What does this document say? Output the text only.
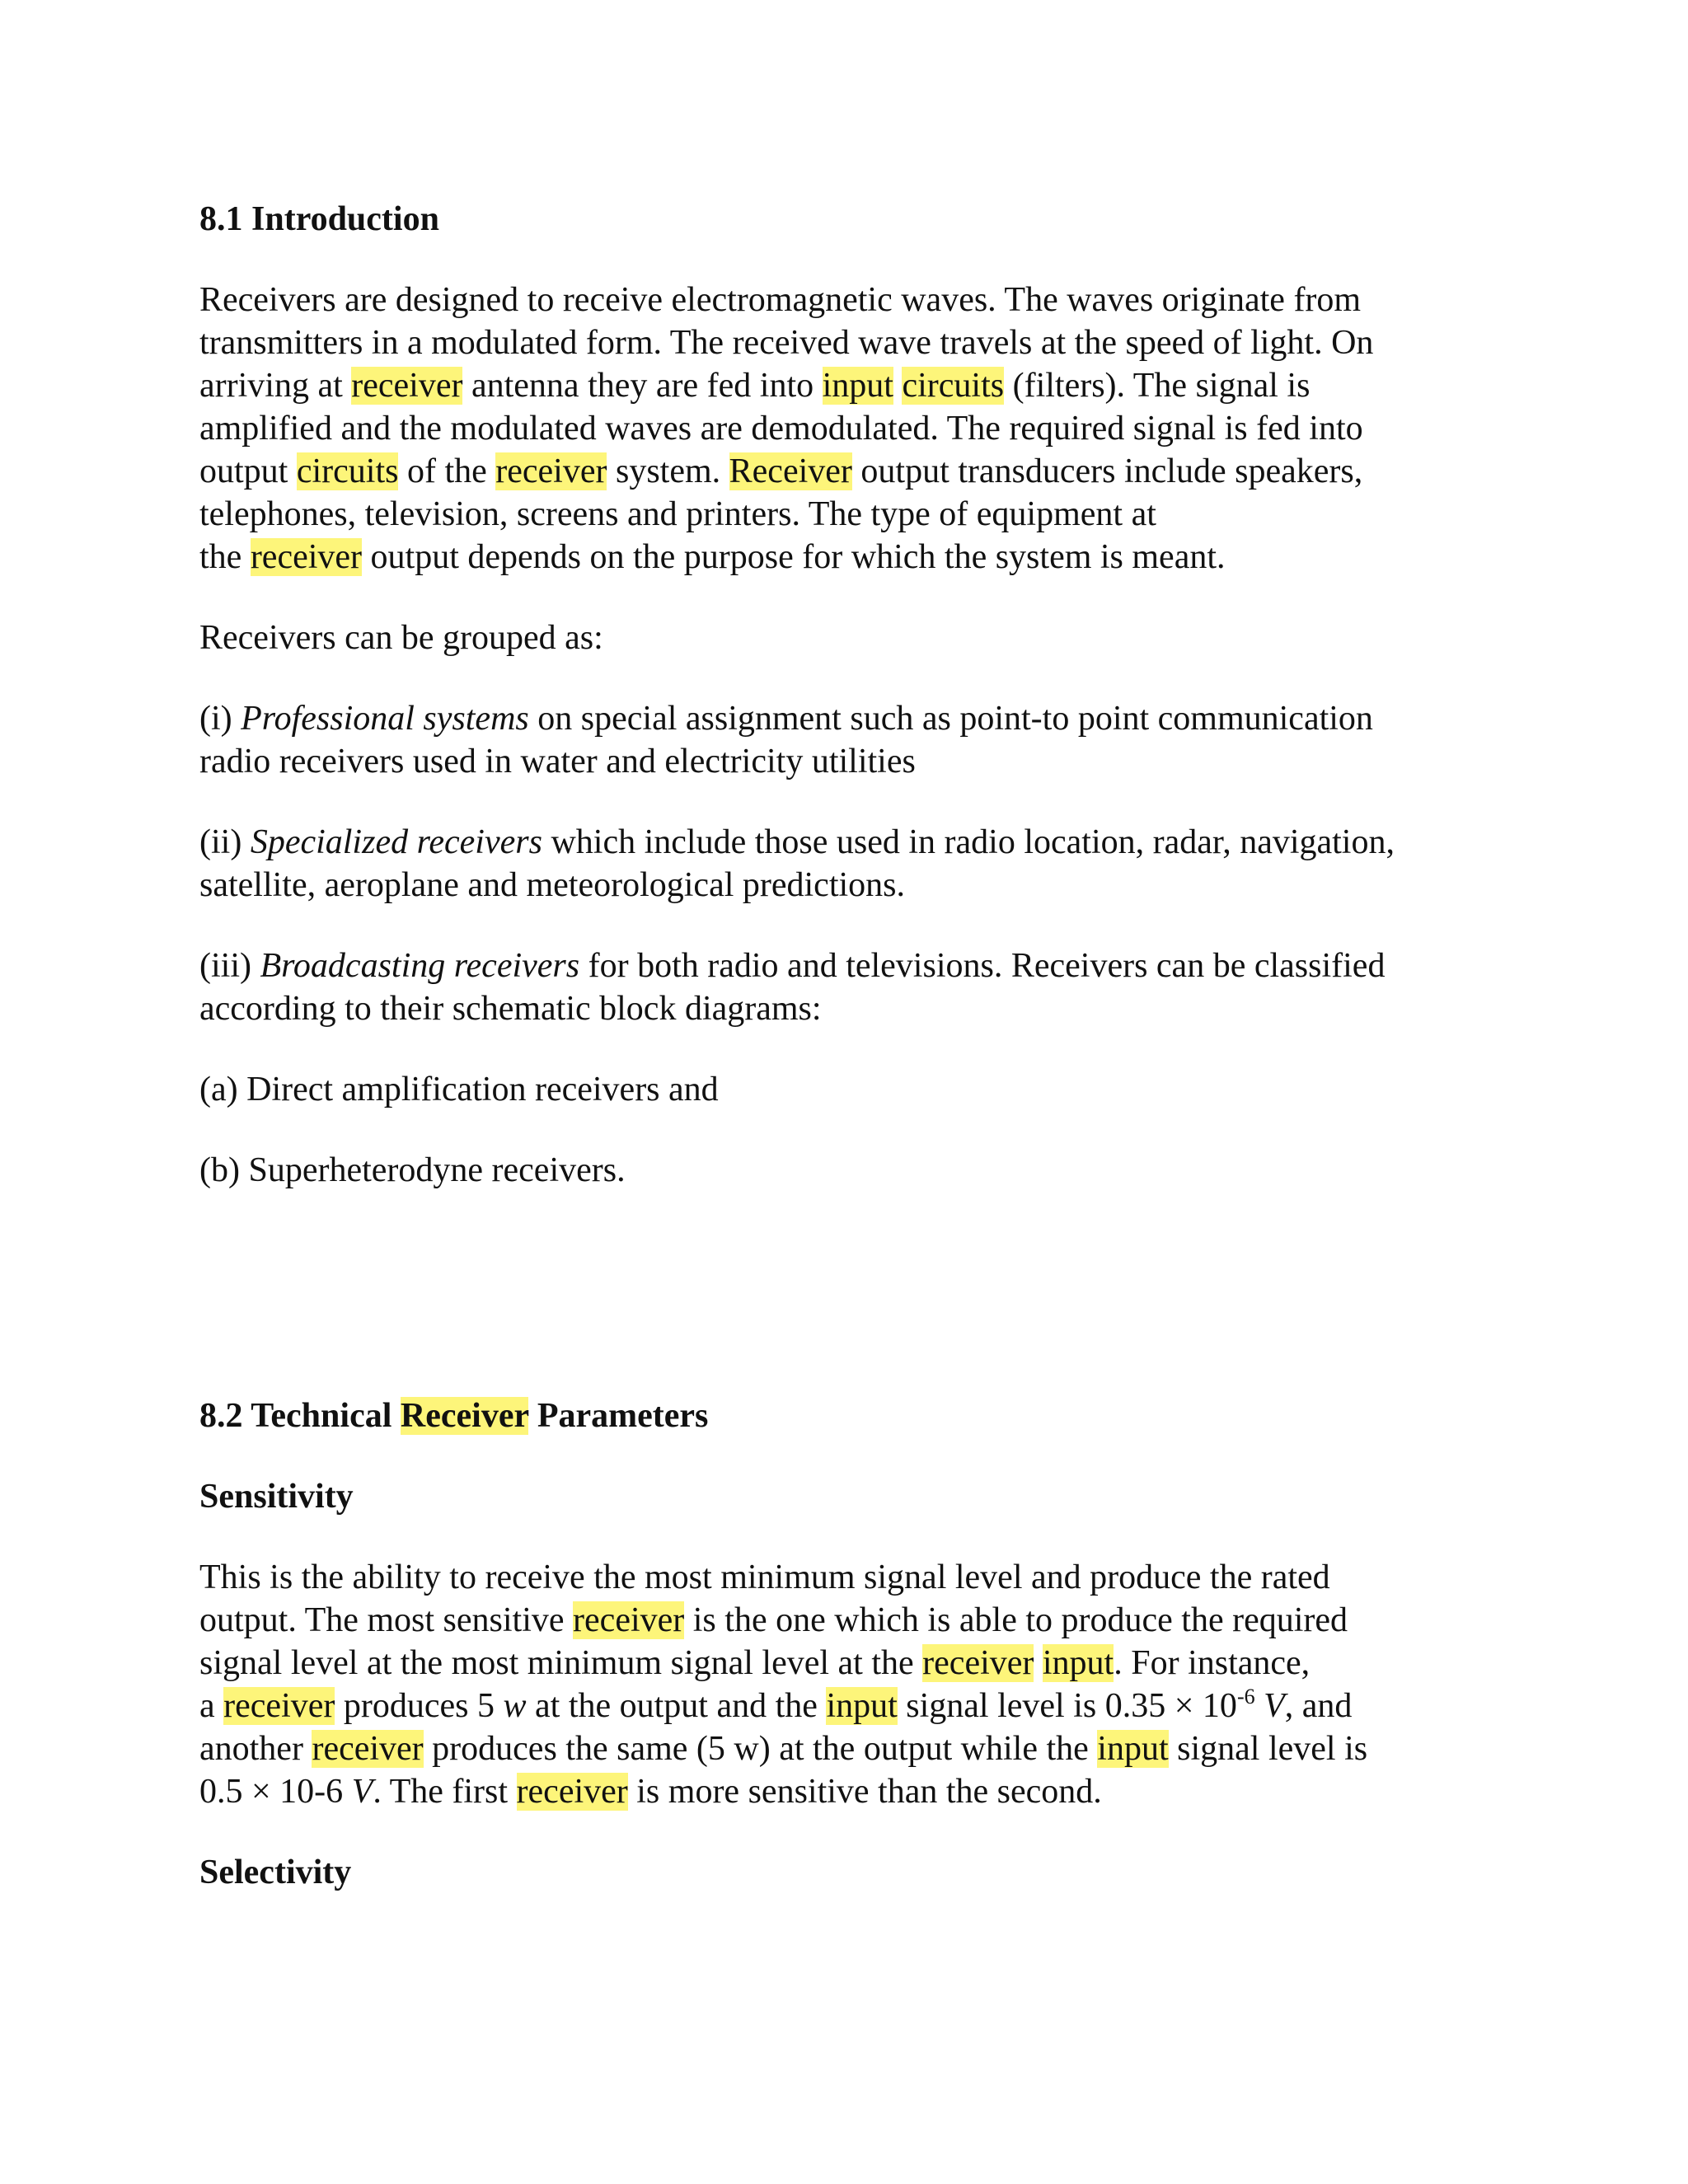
8.1 Introduction
Receivers are designed to receive electromagnetic waves. The waves originate from
transmitters in a modulated form. The received wave travels at the speed of light. On
arriving at receiver antenna they are fed into input circuits (filters). The signal is
amplified and the modulated waves are demodulated. The required signal is fed into
output circuits of the receiver system. Receiver output transducers include speakers,
telephones, television, screens and printers. The type of equipment at
the receiver output depends on the purpose for which the system is meant.

Receivers can be grouped as:

(i) Professional systems on special assignment such as point-to point communication
radio receivers used in water and electricity utilities
(ii) Specialized receivers which include those used in radio location, radar, navigation,
satellite, aeroplane and meteorological predictions.
(iii) Broadcasting receivers for both radio and televisions. Receivers can be classified
according to their schematic block diagrams:

(a) Direct amplification receivers and

(b) Superheterodyne receivers.

8.2 Technical Receiver Parameters
Sensitivity
This is the ability to receive the most minimum signal level and produce the rated
output. The most sensitive receiver is the one which is able to produce the required
signal level at the most minimum signal level at the receiver input. For instance,
a receiver produces 5 w at the output and the input signal level is $0.35 \times 10^{-6}$ V, and
another receiver produces the same (5 w) at the output while the input signal level is
0.5 × 10-6 V. The first receiver is more sensitive than the second.
Selectivity
